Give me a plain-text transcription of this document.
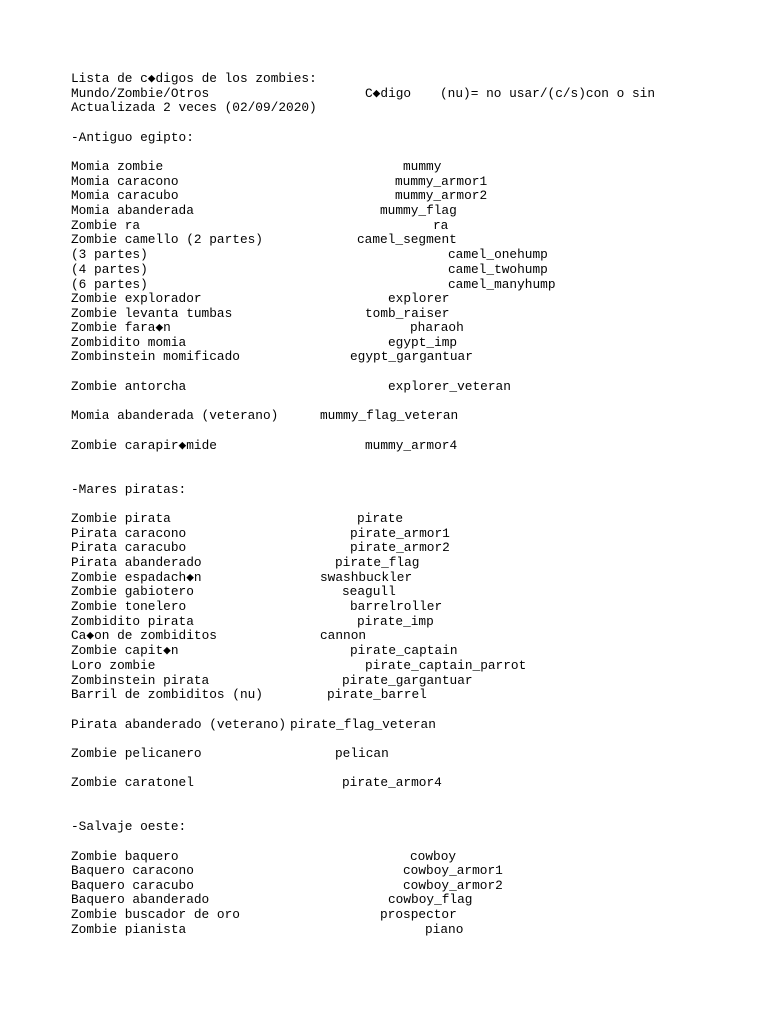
Lista de c◆digos de los zombies:
Mundo/Zombie/Otros	C◆digo (nu)= no usar/(c/s)con o sin
Actualizada 2 veces (02/09/2020)
-Antiguo egipto:
Momia zombie	mummy
Momia caracono	mummy_armor1
Momia caracubo	mummy_armor2
Momia abanderada	mummy_flag
Zombie ra	ra
Zombie camello (2 partes)	camel_segment
(3 partes)	camel_onehump
(4 partes)	camel_twohump
(6 partes)	camel_manyhump
Zombie explorador	explorer
Zombie levanta tumbas	tomb_raiser
Zombie fara◆n	pharaoh
Zombidito momia	egypt_imp
Zombinstein momificado	egypt_gargantuar
Zombie antorcha	explorer_veteran
Momia abanderada (veterano)	mummy_flag_veteran
Zombie carapir◆mide	mummy_armor4
-Mares piratas:
Zombie pirata	pirate
Pirata caracono	pirate_armor1
Pirata caracubo	pirate_armor2
Pirata abanderado	pirate_flag
Zombie espadach◆n	swashbuckler
Zombie gabiotero	seagull
Zombie tonelero	barrelroller
Zombidito pirata	pirate_imp
Ca◆on de zombiditos	cannon
Zombie capit◆n	pirate_captain
Loro zombie	pirate_captain_parrot
Zombinstein pirata	pirate_gargantuar
Barril de zombiditos (nu)	pirate_barrel
Pirata abanderado (veterano) pirate_flag_veteran
Zombie pelicanero	pelican
Zombie caratonel	pirate_armor4
-Salvaje oeste:
Zombie baquero	cowboy
Baquero caracono	cowboy_armor1
Baquero caracubo	cowboy_armor2
Baquero abanderado	cowboy_flag
Zombie buscador de oro	prospector
Zombie pianista	piano
